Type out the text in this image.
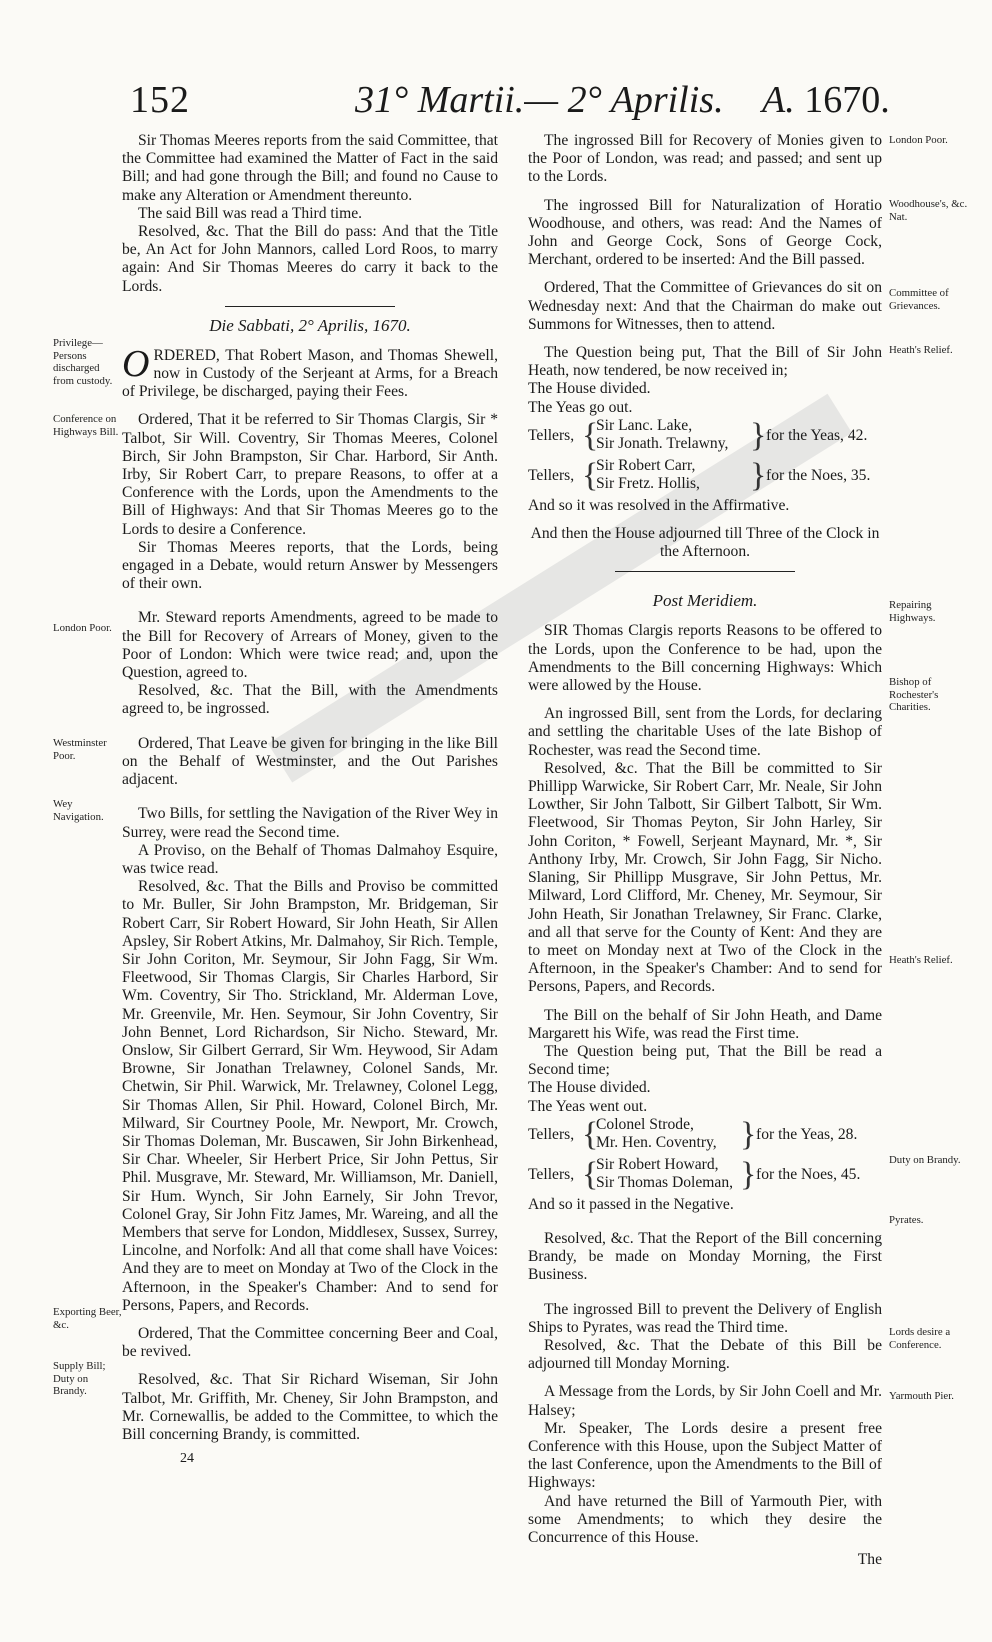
152	31° Martii.— 2° Aprilis. A. 1670.

Sir Thomas Meeres reports from the said Committee, that the Committee had examined the Matter of Fact in the said Bill; and had gone through the Bill; and found no Cause to make any Alteration or Amendment thereunto.

The said Bill was read a Third time.

Resolved, &c. That the Bill do pass: And that the Title be, An Act for John Mannors, called Lord Roos, to marry again: And Sir Thomas Meeres do carry it back to the Lords.

Die Sabbati, 2° Aprilis, 1670.

ORDERED, That Robert Mason, and Thomas Shewell, now in Custody of the Serjeant at Arms, for a Breach of Privilege, be discharged, paying their Fees.

Ordered, That it be referred to Sir Thomas Clargis, Sir * Talbot, Sir Will. Coventry, Sir Thomas Meeres, Colonel Birch, Sir John Brampston, Sir Char. Harbord, Sir Anth. Irby, Sir Robert Carr, to prepare Reasons, to offer at a Conference with the Lords, upon the Amendments to the Bill of Highways: And that Sir Thomas Meeres go to the Lords to desire a Conference.

Sir Thomas Meeres reports, that the Lords, being engaged in a Debate, would return Answer by Messengers of their own.

Mr. Steward reports Amendments, agreed to be made to the Bill for Recovery of Arrears of Money, given to the Poor of London: Which were twice read; and, upon the Question, agreed to.

Resolved, &c. That the Bill, with the Amendments agreed to, be ingrossed.

Ordered, That Leave be given for bringing in the like Bill on the Behalf of Westminster, and the Out Parishes adjacent.

Two Bills, for settling the Navigation of the River Wey in Surrey, were read the Second time.

A Proviso, on the Behalf of Thomas Dalmahoy Esquire, was twice read.

Resolved, &c. That the Bills and Proviso be committed to Mr. Buller, Sir John Brampston, Mr. Bridgeman, Sir Robert Carr, Sir Robert Howard, Sir John Heath, Sir Allen Apsley, Sir Robert Atkins, Mr. Dalmahoy, Sir Rich. Temple, Sir John Coriton, Mr. Seymour, Sir John Fagg, Sir Wm. Fleetwood, Sir Thomas Clargis, Sir Charles Harbord, Sir Wm. Coventry, Sir Tho. Strickland, Mr. Alderman Love, Mr. Greenvile, Mr. Hen. Seymour, Sir John Coventry, Sir John Bennet, Lord Richardson, Sir Nicho. Steward, Mr. Onslow, Sir Gilbert Gerrard, Sir Wm. Heywood, Sir Adam Browne, Sir Jonathan Trelawney, Colonel Sands, Mr. Chetwin, Sir Phil. Warwick, Mr. Trelawney, Colonel Legg, Sir Thomas Allen, Sir Phil. Howard, Colonel Birch, Mr. Milward, Sir Courtney Poole, Mr. Newport, Mr. Crowch, Sir Thomas Doleman, Mr. Buscawen, Sir John Birkenhead, Sir Char. Wheeler, Sir Herbert Price, Sir John Pettus, Sir Phil. Musgrave, Mr. Steward, Mr. Williamson, Mr. Daniell, Sir Hum. Wynch, Sir John Earnely, Sir John Trevor, Colonel Gray, Sir John Fitz James, Mr. Wareing, and all the Members that serve for London, Middlesex, Sussex, Surrey, Lincolne, and Norfolk: And all that come shall have Voices: And they are to meet on Monday at Two of the Clock in the Afternoon, in the Speaker's Chamber: And to send for Persons, Papers, and Records.

Ordered, That the Committee concerning Beer and Coal, be revived.

Resolved, &c. That Sir Richard Wiseman, Sir John Talbot, Mr. Griffith, Mr. Cheney, Sir John Brampston, and Mr. Cornewallis, be added to the Committee, to which the Bill concerning Brandy, is committed.

24

The ingrossed Bill for Recovery of Monies given to the Poor of London, was read; and passed; and sent up to the Lords.

The ingrossed Bill for Naturalization of Horatio Woodhouse, and others, was read: And the Names of John and George Cock, Sons of George Cock, Merchant, ordered to be inserted: And the Bill passed.

Ordered, That the Committee of Grievances do sit on Wednesday next: And that the Chairman do make out Summons for Witnesses, then to attend.

The Question being put, That the Bill of Sir John Heath, now tendered, be now received in;

The House divided.

The Yeas go out.

Tellers, {
Sir Lanc. Lake,
Sir Jonath. Trelawny, } for the Yeas, 42.
Tellers, {
Sir Robert Carr,
Sir Fretz. Hollis, } for the Noes, 35.

And so it was resolved in the Affirmative.

And then the House adjourned till Three of the Clock in the Afternoon.

Post Meridiem.

SIR Thomas Clargis reports Reasons to be offered to the Lords, upon the Conference to be had, upon the Amendments to the Bill concerning Highways: Which were allowed by the House.

An ingrossed Bill, sent from the Lords, for declaring and settling the charitable Uses of the late Bishop of Rochester, was read the Second time.

Resolved, &c. That the Bill be committed to Sir Phillipp Warwicke, Sir Robert Carr, Mr. Neale, Sir John Lowther, Sir John Talbott, Sir Gilbert Talbott, Sir Wm. Fleetwood, Sir Thomas Peyton, Sir John Harley, Sir John Coriton, * Fowell, Serjeant Maynard, Mr. *, Sir Anthony Irby, Mr. Crowch, Sir John Fagg, Sir Nicho. Slaning, Sir Phillipp Musgrave, Sir John Pettus, Mr. Milward, Lord Clifford, Mr. Cheney, Mr. Seymour, Sir John Heath, Sir Jonathan Trelawney, Sir Franc. Clarke, and all that serve for the County of Kent: And they are to meet on Monday next at Two of the Clock in the Afternoon, in the Speaker's Chamber: And to send for Persons, Papers, and Records.

The Bill on the behalf of Sir John Heath, and Dame Margarett his Wife, was read the First time.

The Question being put, That the Bill be read a Second time;

The House divided.

The Yeas went out.

Tellers, {
Colonel Strode,
Mr. Hen. Coventry, } for the Yeas, 28.
Tellers, {
Sir Robert Howard,
Sir Thomas Doleman, } for the Noes, 45.

And so it passed in the Negative.

Resolved, &c. That the Report of the Bill concerning Brandy, be made on Monday Morning, the First Business.

The ingrossed Bill to prevent the Delivery of English Ships to Pyrates, was read the Third time.

Resolved, &c. That the Debate of this Bill be adjourned till Monday Morning.

A Message from the Lords, by Sir John Coell and Mr. Halsey;

Mr. Speaker, The Lords desire a present free Conference with this House, upon the Subject Matter of the last Conference, upon the Amendments to the Bill of Highways:

And have returned the Bill of Yarmouth Pier, with some Amendments; to which they desire the Concurrence of this House.

The
Privilege—Persons discharged from custody.
Conference on Highways Bill.
London Poor.
Westminster Poor.
Wey Navigation.
Exporting Beer, &c.
Supply Bill; Duty on Brandy.
London Poor.
Woodhouse's, &c. Nat.
Committee of Grievances.
Heath's Relief.
Repairing Highways.
Bishop of Rochester's Charities.
Heath's Relief.
Duty on Brandy.
Pyrates.
Lords desire a Conference.
Yarmouth Pier.
